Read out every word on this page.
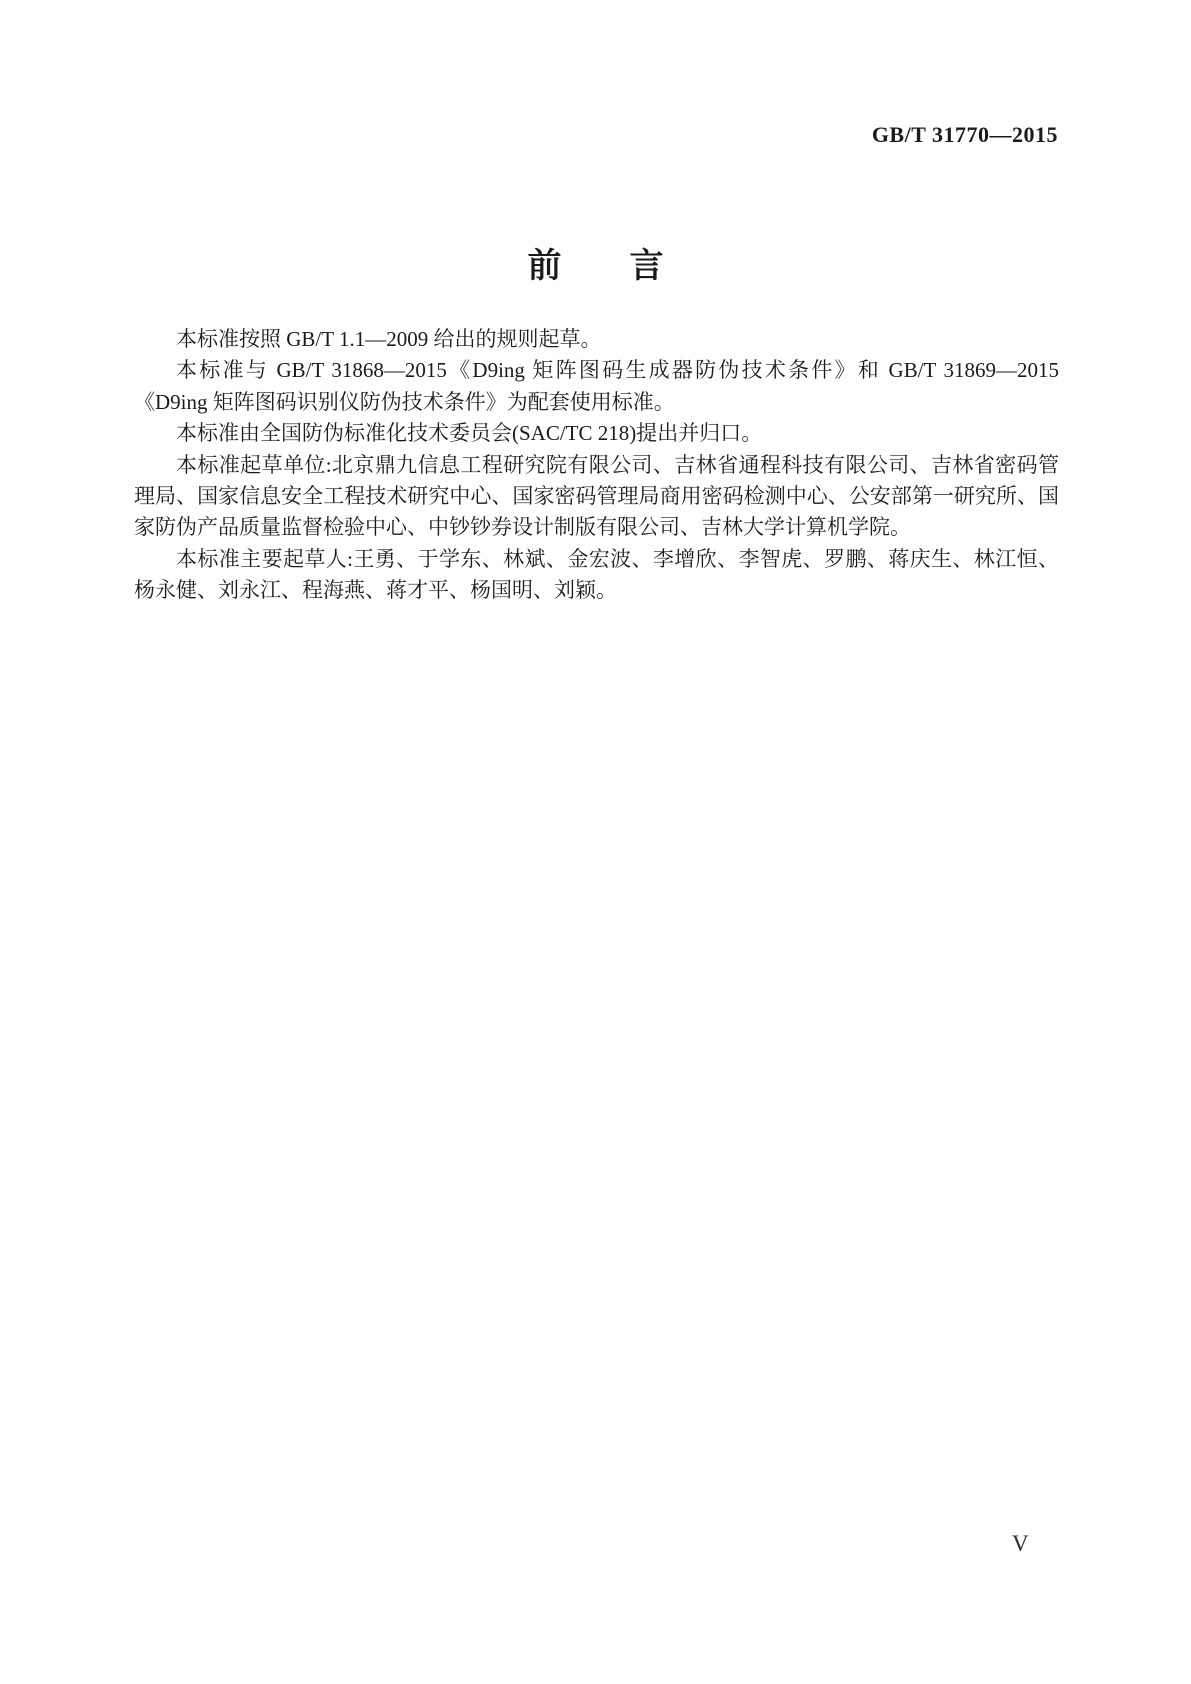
GB/T 31770—2015
前言

本标准按照 GB/T 1.1—2009 给出的规则起草。

本标准与 GB/T 31868—2015《D9ing 矩阵图码生成器防伪技术条件》和 GB/T 31869—2015《D9ing 矩阵图码识别仪防伪技术条件》为配套使用标准。

本标准由全国防伪标准化技术委员会(SAC/TC 218)提出并归口。

本标准起草单位:北京鼎九信息工程研究院有限公司、吉林省通程科技有限公司、吉林省密码管理局、国家信息安全工程技术研究中心、国家密码管理局商用密码检测中心、公安部第一研究所、国家防伪产品质量监督检验中心、中钞钞券设计制版有限公司、吉林大学计算机学院。

本标准主要起草人:王勇、于学东、林斌、金宏波、李增欣、李智虎、罗鹏、蒋庆生、林江恒、杨永健、刘永江、程海燕、蒋才平、杨国明、刘颖。

V
